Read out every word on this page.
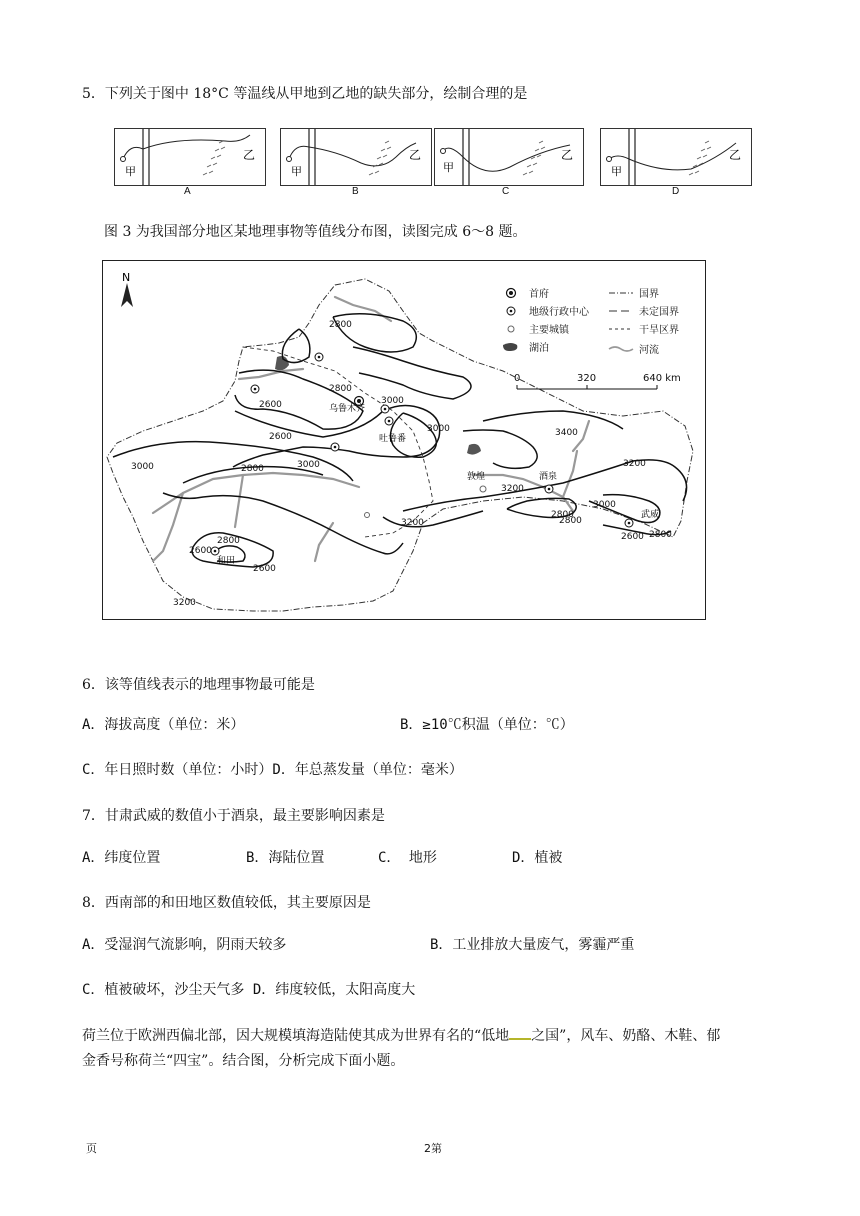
5．下列关于图中 18°C 等温线从甲地到乙地的缺失部分，绘制合理的是
甲
乙
A
甲
乙
B
甲
乙
C
甲
乙
D
图 3 为我国部分地区某地理事物等值线分布图，读图完成 6～8 题。
N
乌鲁木齐
吐鲁番
敦煌	酒泉
武威
和田
2800
2800
2600	3000
2600
3000
3000	2800
3000
2600
2800
3200
3200
3400
3200
2800
3000
2600 2800
3200
2600
2800
首府
地级行政中心
主要城镇
湖泊
国界
未定国界
干旱区界
河流
0	320	640 km
6．该等值线表示的地理事物最可能是
A．海拔高度（单位：米）	B．≥10℃积温（单位：℃）
C．年日照时数（单位：小时）D．年总蒸发量（单位：毫米）
7．甘肃武威的数值小于酒泉，最主要影响因素是
A．纬度位置	B．海陆位置	C． 地形	D．植被
8．西南部的和田地区数值较低，其主要原因是
A．受湿润气流影响，阴雨天较多	B．工业排放大量废气，雾霾严重
C．植被破坏，沙尘天气多 D．纬度较低，太阳高度大
荷兰位于欧洲西偏北部，因大规模填海造陆使其成为世界有名的“低地 之国”，风车、奶酪、木鞋、郁
金香号称荷兰“四宝”。结合图，分析完成下面小题。
页	2第
